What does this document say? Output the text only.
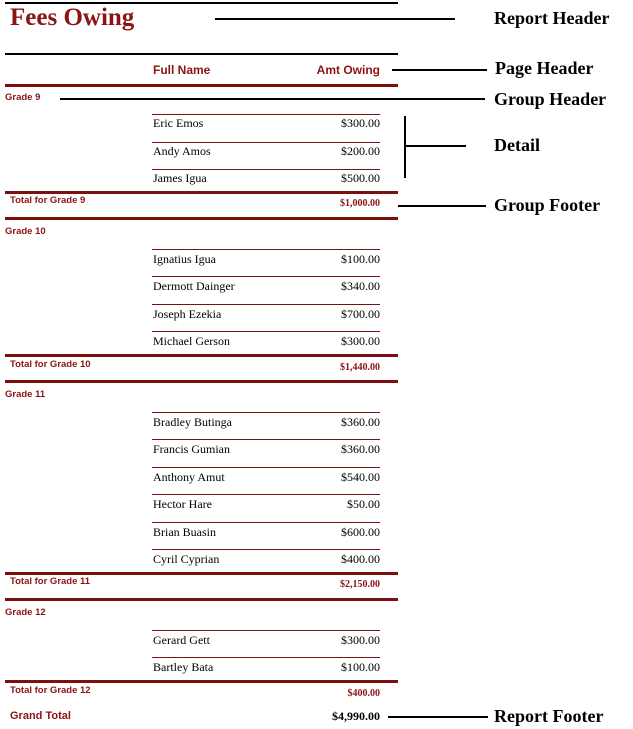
Fees Owing
Full Name	Amt Owing
Grade 9
Eric Emos	$300.00
Andy Amos	$200.00
James Igua	$500.00
Total for Grade 9	$1,000.00
Grade 10
Ignatius Igua	$100.00
Dermott Dainger	$340.00
Joseph Ezekia	$700.00
Michael Gerson	$300.00
Total for Grade 10	$1,440.00
Grade 11
Bradley Butinga	$360.00
Francis Gumian	$360.00
Anthony Amut	$540.00
Hector Hare	$50.00
Brian Buasin	$600.00
Cyril Cyprian	$400.00
Total for Grade 11	$2,150.00
Grade 12
Gerard Gett	$300.00
Bartley Bata	$100.00
Total for Grade 12	$400.00
Grand Total	$4,990.00
Report Header
Page Header
Group Header
Detail
Group Footer
Report Footer
